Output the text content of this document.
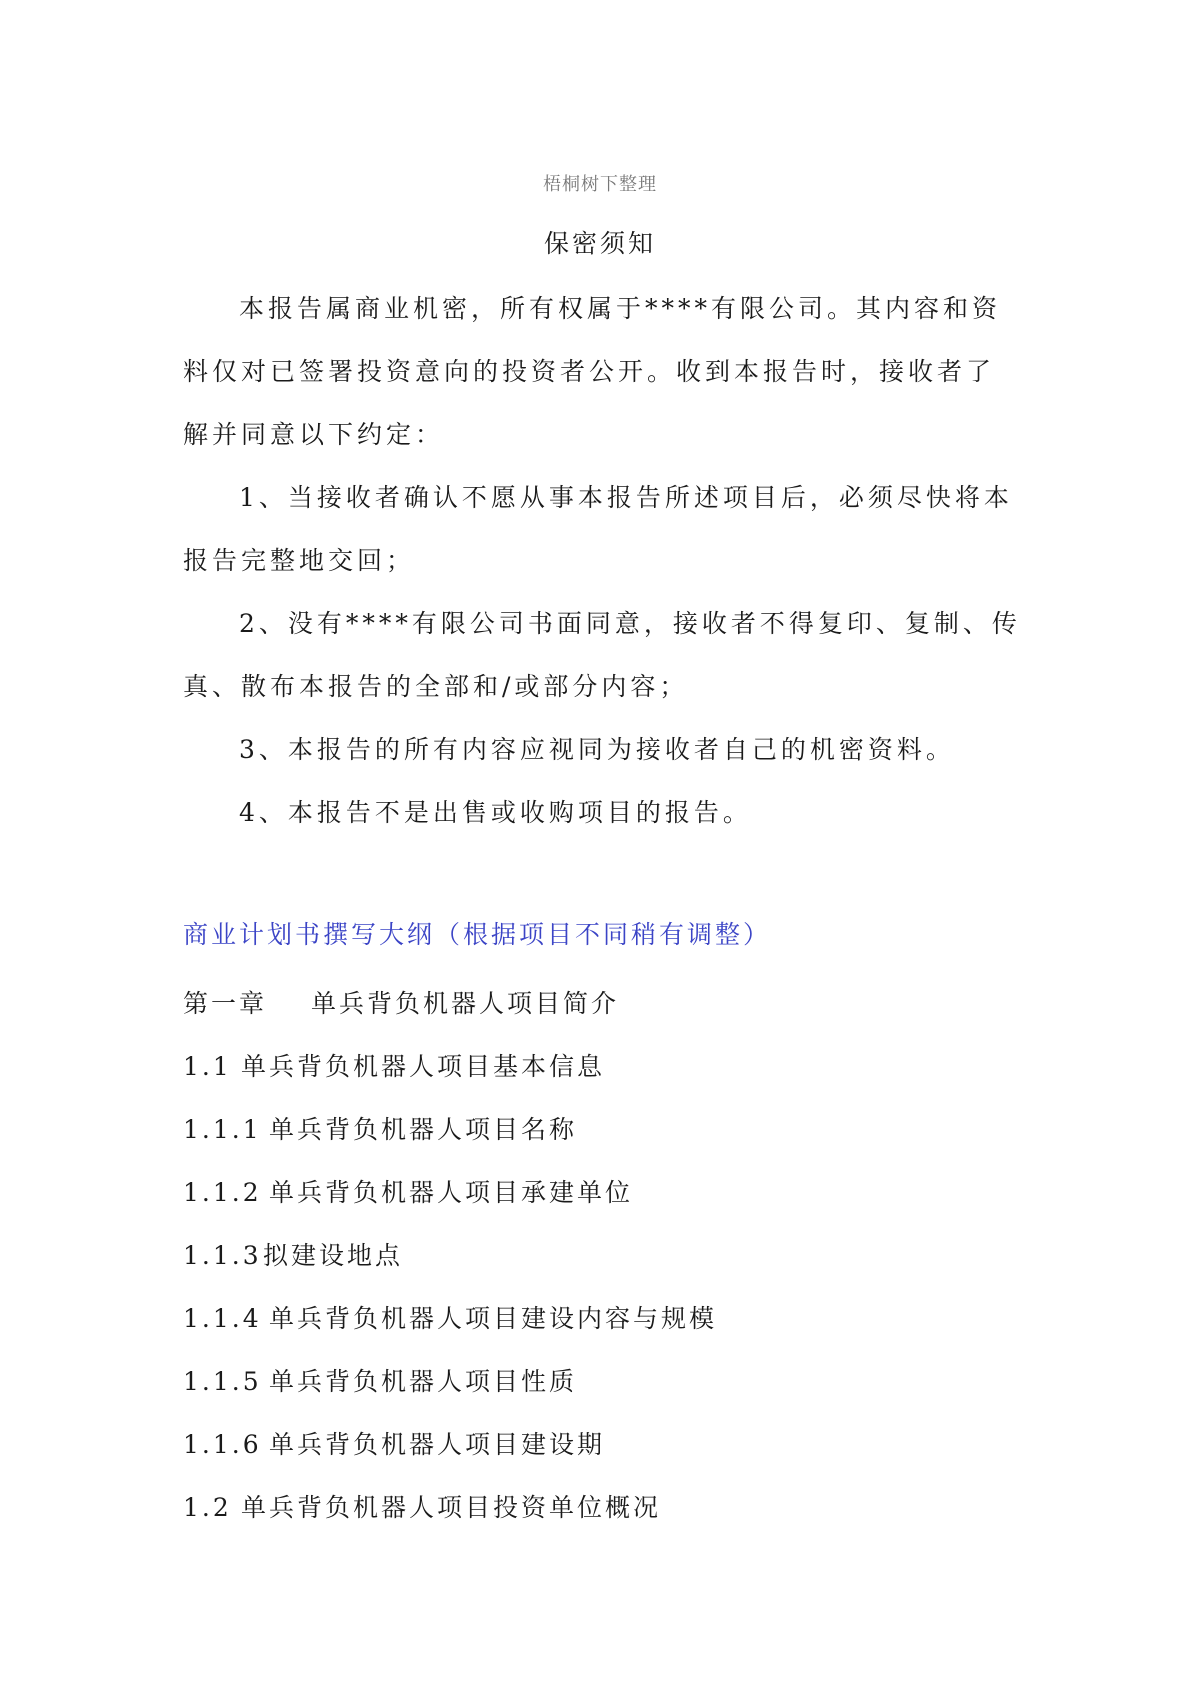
梧桐树下整理
保密须知
本报告属商业机密，所有权属于****有限公司。其内容和资料仅对已签署投资意向的投资者公开。收到本报告时，接收者了解并同意以下约定：
1、当接收者确认不愿从事本报告所述项目后，必须尽快将本报告完整地交回；
2、没有****有限公司书面同意，接收者不得复印、复制、传真、散布本报告的全部和/或部分内容；
3、本报告的所有内容应视同为接收者自己的机密资料。
4、本报告不是出售或收购项目的报告。
商业计划书撰写大纲（根据项目不同稍有调整）
第一章 单兵背负机器人项目简介
1.1 单兵背负机器人项目基本信息
1.1.1 单兵背负机器人项目名称
1.1.2 单兵背负机器人项目承建单位
1.1.3拟建设地点
1.1.4 单兵背负机器人项目建设内容与规模
1.1.5 单兵背负机器人项目性质
1.1.6 单兵背负机器人项目建设期
1.2 单兵背负机器人项目投资单位概况
